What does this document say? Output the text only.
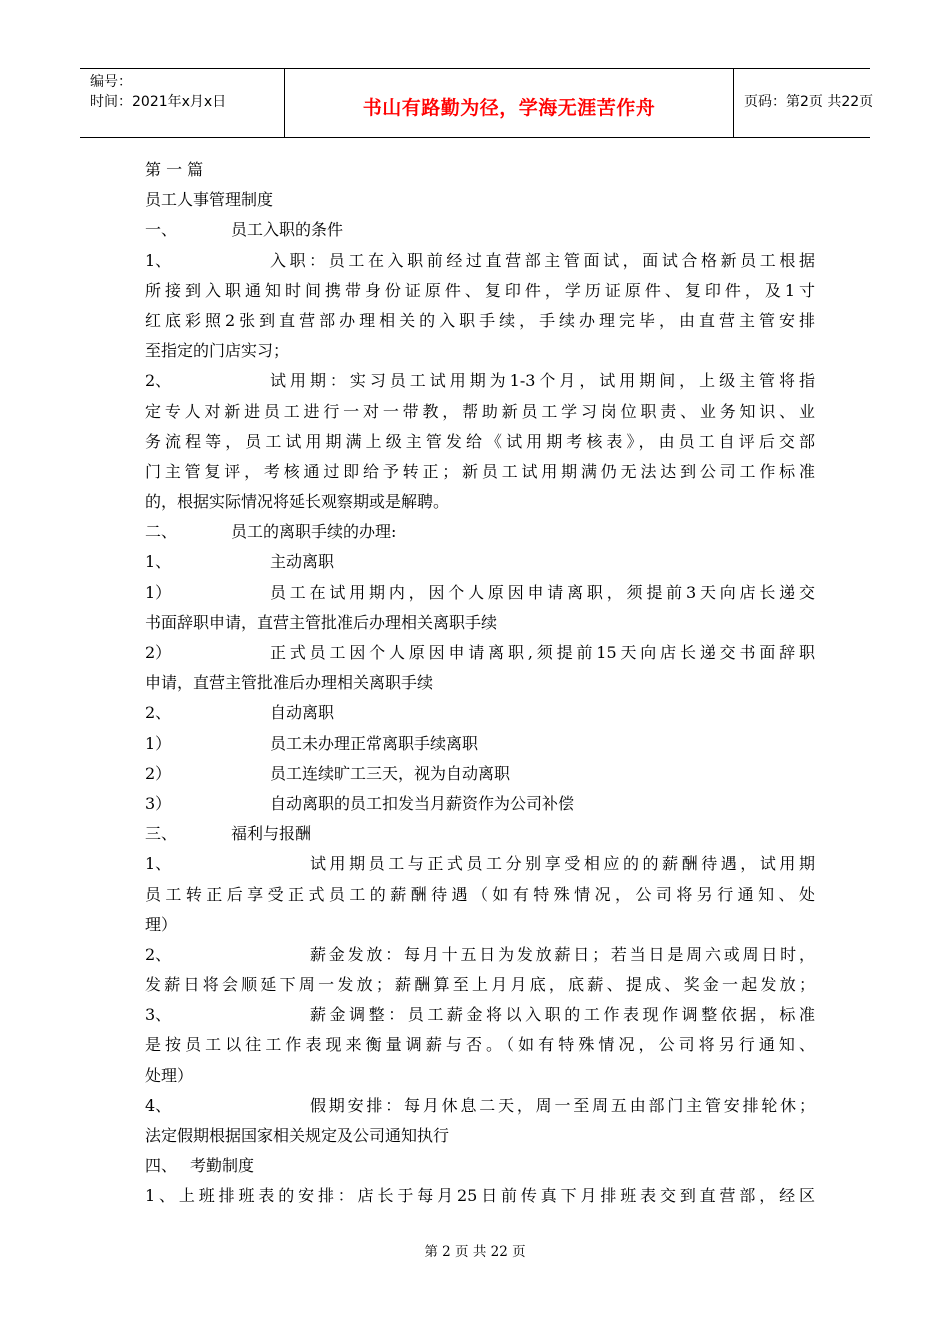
编号：
时间：2021年x月x日	书山有路勤为径，学海无涯苦作舟	页码：第2页 共22页
第 一 篇
员工人事管理制度
一、	员工入职的条件
1、	入职：员工在入职前经过直营部主管面试，面试合格新员工根据
所接到入职通知时间携带身份证原件、复印件，学历证原件、复印件，及1寸
红底彩照2张到直营部办理相关的入职手续，手续办理完毕，由直营主管安排
至指定的门店实习；
2、	试用期：实习员工试用期为1-3个月，试用期间，上级主管将指
定专人对新进员工进行一对一带教，帮助新员工学习岗位职责、业务知识、业
务流程等，员工试用期满上级主管发给《试用期考核表》，由员工自评后交部
门主管复评，考核通过即给予转正；新员工试用期满仍无法达到公司工作标准
的，根据实际情况将延长观察期或是解聘。
二、	员工的离职手续的办理:
1、	主动离职
1）	员工在试用期内，因个人原因申请离职，须提前3天向店长递交
书面辞职申请，直营主管批准后办理相关离职手续
2）	正式员工因个人原因申请离职,须提前15天向店长递交书面辞职
申请，直营主管批准后办理相关离职手续
2、	自动离职
1）	员工未办理正常离职手续离职
2）	员工连续旷工三天，视为自动离职
3）	自动离职的员工扣发当月薪资作为公司补偿
三、	福利与报酬
1、	试用期员工与正式员工分别享受相应的的薪酬待遇，试用期
员工转正后享受正式员工的薪酬待遇（如有特殊情况，公司将另行通知、处
理）
2、	薪金发放：每月十五日为发放薪日；若当日是周六或周日时，
发薪日将会顺延下周一发放；薪酬算至上月月底，底薪、提成、奖金一起发放；
3、	薪金调整：员工薪金将以入职的工作表现作调整依据，标准
是按员工以往工作表现来衡量调薪与否。（如有特殊情况，公司将另行通知、
处理）
4、	假期安排：每月休息二天，周一至周五由部门主管安排轮休；
法定假期根据国家相关规定及公司通知执行
四、 考勤制度
1、上班排班表的安排：店长于每月25日前传真下月排班表交到直营部，经区
第 2 页 共 22 页
